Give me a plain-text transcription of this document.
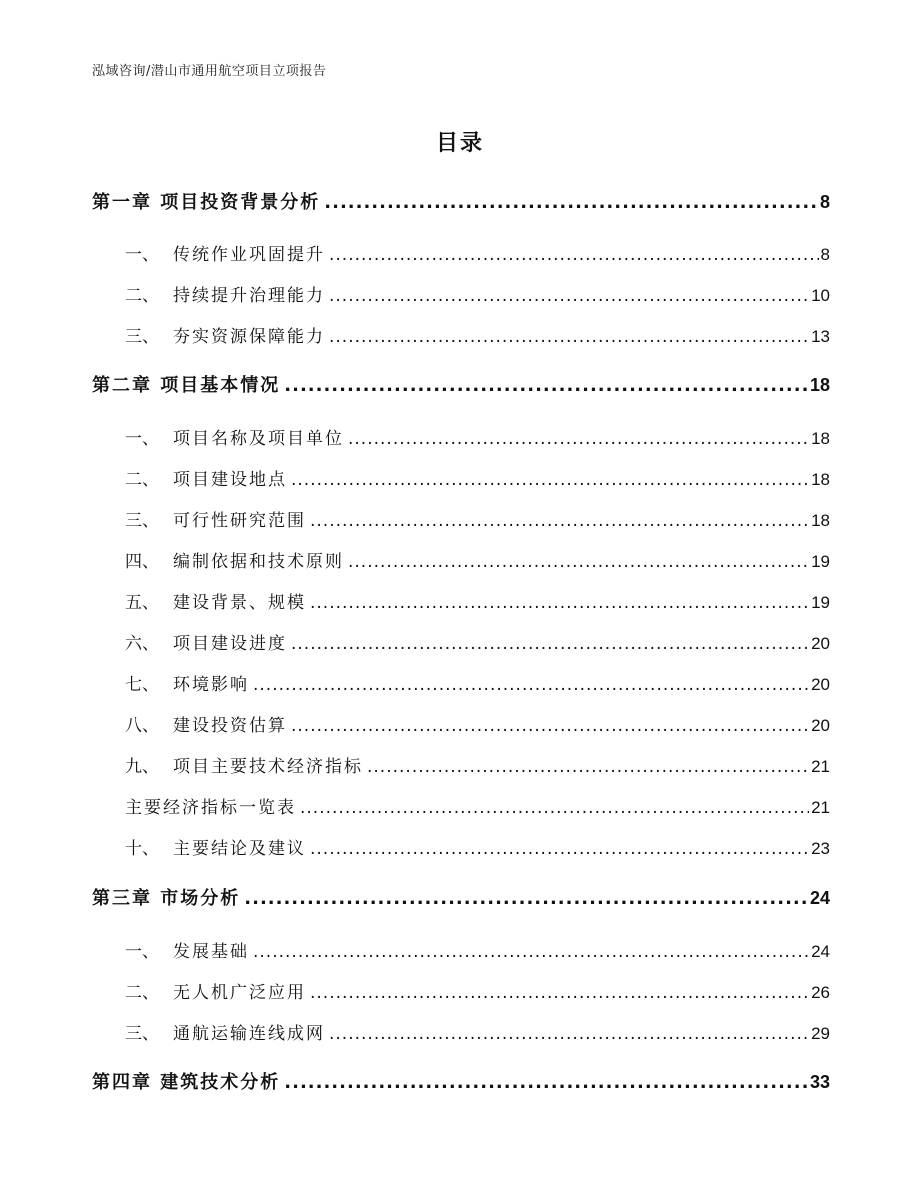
泓域咨询/潜山市通用航空项目立项报告
目录
第一章 项目投资背景分析 .....	8
一、 传统作业巩固提升 .....	8
二、 持续提升治理能力 .....	10
三、 夯实资源保障能力 .....	13
第二章 项目基本情况 .....	18
一、 项目名称及项目单位 .....	18
二、 项目建设地点 .....	18
三、 可行性研究范围 .....	18
四、 编制依据和技术原则 .....	19
五、 建设背景、规模 .....	19
六、 项目建设进度 .....	20
七、 环境影响 .....	20
八、 建设投资估算 .....	20
九、 项目主要技术经济指标 .....	21
主要经济指标一览表 .....	21
十、 主要结论及建议 .....	23
第三章 市场分析 .....	24
一、 发展基础 .....	24
二、 无人机广泛应用 .....	26
三、 通航运输连线成网 .....	29
第四章 建筑技术分析 .....	33
